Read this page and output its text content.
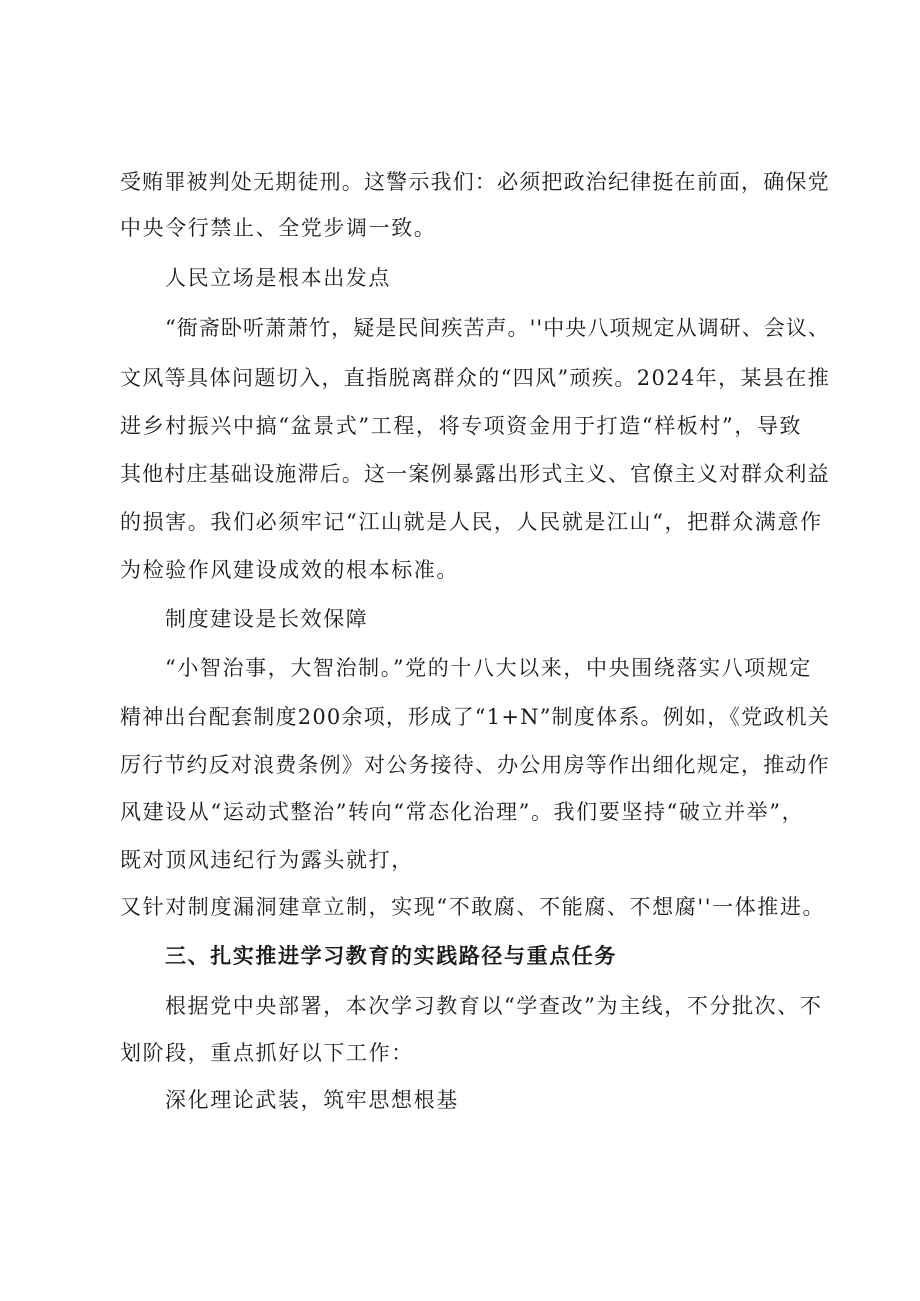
受贿罪被判处无期徒刑。这警示我们：必须把政治纪律挺在前面，确保党
中央令行禁止、全党步调一致。
人民立场是根本出发点
“衙斋卧听萧萧竹，疑是民间疾苦声。''中央八项规定从调研、会议、
文风等具体问题切入，直指脱离群众的“四风”顽疾。2024年，某县在推
进乡村振兴中搞“盆景式”工程，将专项资金用于打造“样板村”，导致
其他村庄基础设施滞后。这一案例暴露出形式主义、官僚主义对群众利益
的损害。我们必须牢记“江山就是人民，人民就是江山“，把群众满意作
为检验作风建设成效的根本标准。
制度建设是长效保障
“小智治事，大智治制。”党的十八大以来，中央围绕落实八项规定
精神出台配套制度200余项，形成了“1+N”制度体系。例如，《党政机关
厉行节约反对浪费条例》对公务接待、办公用房等作出细化规定，推动作
风建设从“运动式整治”转向“常态化治理”。我们要坚持“破立并举”，
既对顶风违纪行为露头就打，
又针对制度漏洞建章立制，实现“不敢腐、不能腐、不想腐''一体推进。
三、扎实推进学习教育的实践路径与重点任务
根据党中央部署，本次学习教育以“学查改”为主线，不分批次、不
划阶段，重点抓好以下工作：
深化理论武装，筑牢思想根基
